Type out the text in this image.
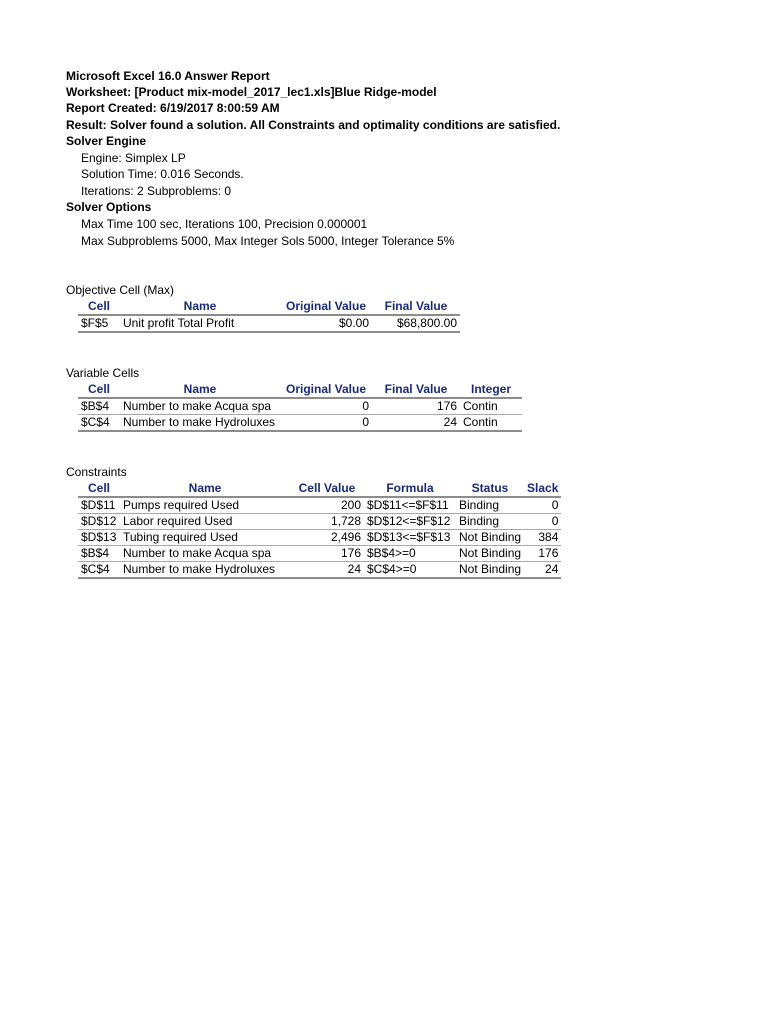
Microsoft Excel 16.0 Answer Report
Worksheet: [Product mix-model_2017_lec1.xls]Blue Ridge-model
Report Created: 6/19/2017 8:00:59 AM
Result: Solver found a solution. All Constraints and optimality conditions are satisfied.
Solver Engine
Engine: Simplex LP
Solution Time: 0.016 Seconds.
Iterations: 2 Subproblems: 0
Solver Options
Max Time 100 sec, Iterations 100, Precision 0.000001
Max Subproblems 5000, Max Integer Sols 5000, Integer Tolerance 5%
Objective Cell (Max)
Cell	Name	Original Value	Final Value
$F$5	Unit profit Total Profit	$0.00	$68,800.00
Variable Cells
Cell	Name	Original Value	Final Value	Integer
$B$4	Number to make Acqua spa	0	176	Contin
$C$4	Number to make Hydroluxes	0	24	Contin
Constraints
Cell	Name	Cell Value	Formula	Status	Slack
$D$11	Pumps required Used	200	$D$11<=$F$11	Binding	0
$D$12	Labor required Used	1,728	$D$12<=$F$12	Binding	0
$D$13	Tubing required Used	2,496	$D$13<=$F$13	Not Binding	384
$B$4	Number to make Acqua spa	176	$B$4>=0	Not Binding	176
$C$4	Number to make Hydroluxes	24	$C$4>=0	Not Binding	24
